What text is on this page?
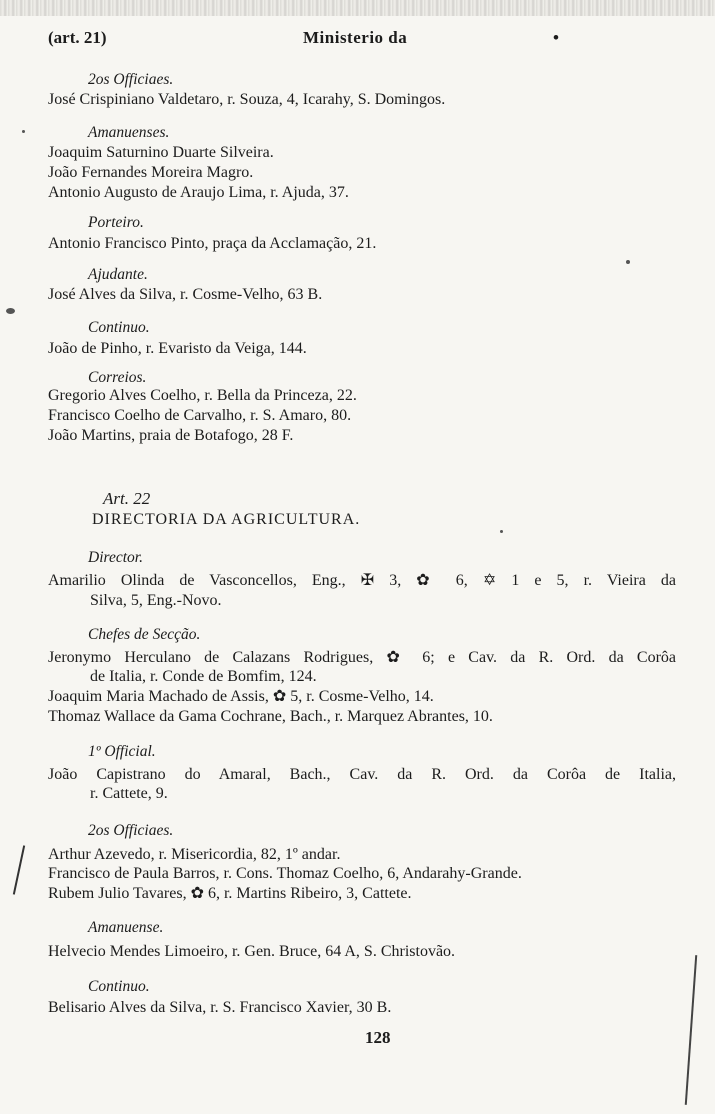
(art. 21)	Ministerio da	•
2os Officiaes.
José Crispiniano Valdetaro, r. Souza, 4, Icarahy, S. Domingos.
Amanuenses.
Joaquim Saturnino Duarte Silveira.
João Fernandes Moreira Magro.
Antonio Augusto de Araujo Lima, r. Ajuda, 37.
Porteiro.
Antonio Francisco Pinto, praça da Acclamação, 21.
Ajudante.
José Alves da Silva, r. Cosme-Velho, 63 B.
Continuo.
João de Pinho, r. Evaristo da Veiga, 144.
Correios.
Gregorio Alves Coelho, r. Bella da Princeza, 22.
Francisco Coelho de Carvalho, r. S. Amaro, 80.
João Martins, praia de Botafogo, 28 F.
Art. 22
DIRECTORIA DA AGRICULTURA.
Director.
Amarilio Olinda de Vasconcellos, Eng., ✠ 3, ✿ 6, ✡ 1 e 5, r. Vieira da
Silva, 5, Eng.-Novo.
Chefes de Secção.
Jeronymo Herculano de Calazans Rodrigues, ✿ 6; e Cav. da R. Ord. da Corôa
de Italia, r. Conde de Bomfim, 124.
Joaquim Maria Machado de Assis, ✿ 5, r. Cosme-Velho, 14.
Thomaz Wallace da Gama Cochrane, Bach., r. Marquez Abrantes, 10.
1º Official.
João Capistrano do Amaral, Bach., Cav. da R. Ord. da Corôa de Italia,
r. Cattete, 9.
2os Officiaes.
Arthur Azevedo, r. Misericordia, 82, 1º andar.
Francisco de Paula Barros, r. Cons. Thomaz Coelho, 6, Andarahy-Grande.
Rubem Julio Tavares, ✿ 6, r. Martins Ribeiro, 3, Cattete.
Amanuense.
Helvecio Mendes Limoeiro, r. Gen. Bruce, 64 A, S. Christovão.
Continuo.
Belisario Alves da Silva, r. S. Francisco Xavier, 30 B.
128
